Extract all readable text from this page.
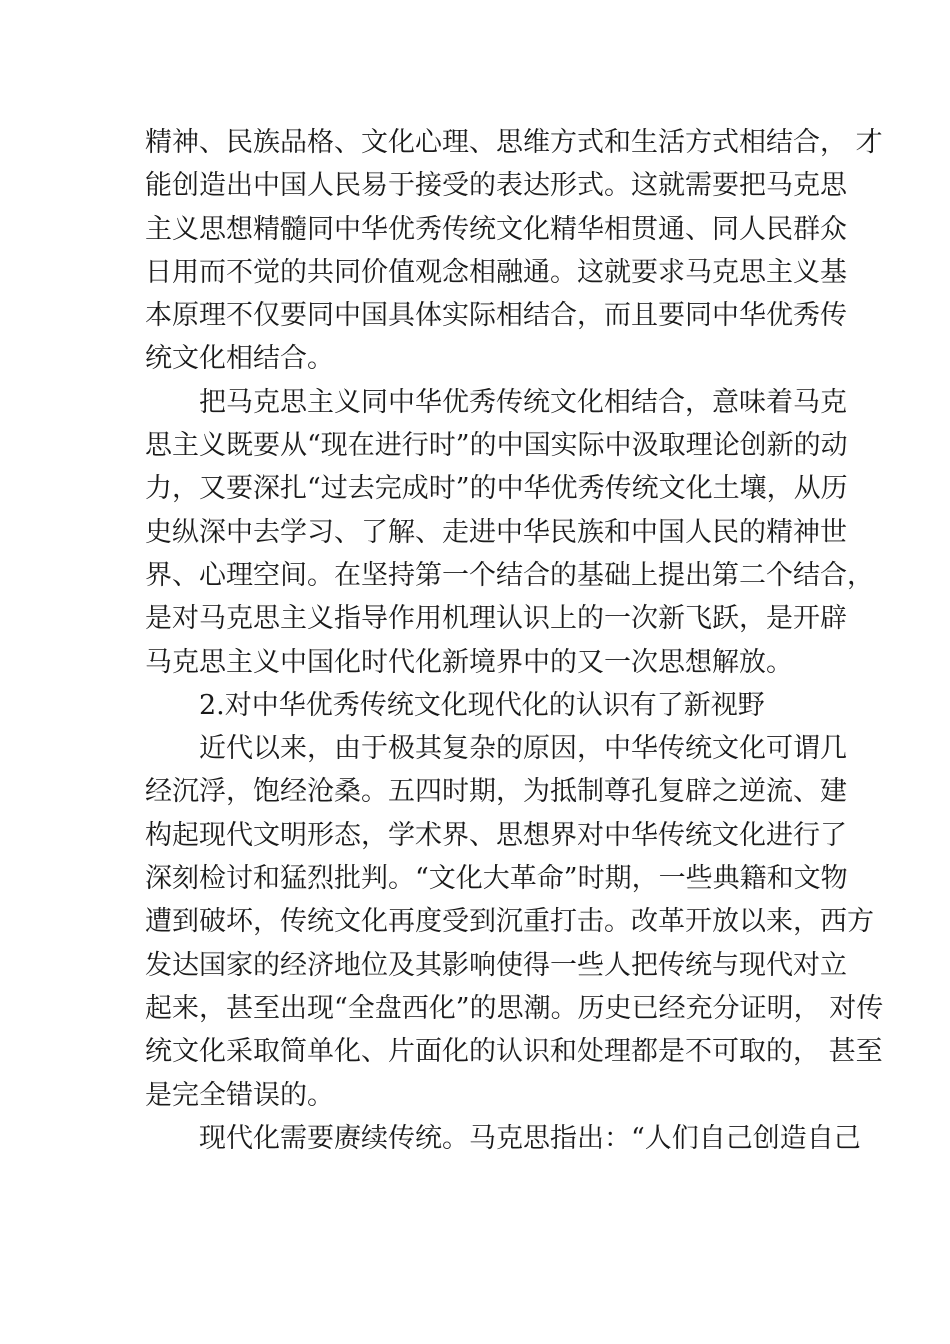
精神、民族品格、文化心理、思维方式和生活方式相结合， 才
能创造出中国人民易于接受的表达形式。这就需要把马克思
主义思想精髓同中华优秀传统文化精华相贯通、同人民群众
日用而不觉的共同价值观念相融通。这就要求马克思主义基
本原理不仅要同中国具体实际相结合，而且要同中华优秀传
统文化相结合。
把马克思主义同中华优秀传统文化相结合，意味着马克
思主义既要从“现在进行时”的中国实际中汲取理论创新的动
力，又要深扎“过去完成时”的中华优秀传统文化土壤，从历
史纵深中去学习、了解、走进中华民族和中国人民的精神世
界、心理空间。在坚持第一个结合的基础上提出第二个结合，
是对马克思主义指导作用机理认识上的一次新飞跃，是开辟
马克思主义中国化时代化新境界中的又一次思想解放。
2.对中华优秀传统文化现代化的认识有了新视野
近代以来，由于极其复杂的原因，中华传统文化可谓几
经沉浮，饱经沧桑。五四时期，为抵制尊孔复辟之逆流、建
构起现代文明形态，学术界、思想界对中华传统文化进行了
深刻检讨和猛烈批判。“文化大革命”时期，一些典籍和文物
遭到破坏，传统文化再度受到沉重打击。改革开放以来，西方
发达国家的经济地位及其影响使得一些人把传统与现代对立
起来，甚至出现“全盘西化”的思潮。历史已经充分证明， 对传
统文化采取简单化、片面化的认识和处理都是不可取的， 甚至
是完全错误的。
现代化需要赓续传统。马克思指出：“人们自己创造自己
